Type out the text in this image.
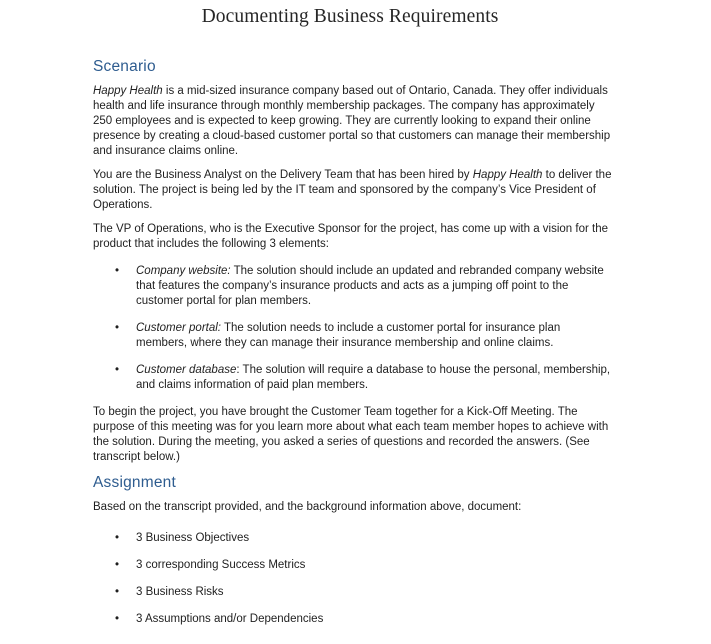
Documenting Business Requirements
Scenario

Happy Health is a mid-sized insurance company based out of Ontario, Canada. They offer individuals health and life insurance through monthly membership packages. The company has approximately 250 employees and is expected to keep growing. They are currently looking to expand their online presence by creating a cloud-based customer portal so that customers can manage their membership and insurance claims online.

You are the Business Analyst on the Delivery Team that has been hired by Happy Health to deliver the solution. The project is being led by the IT team and sponsored by the company’s Vice President of Operations.

The VP of Operations, who is the Executive Sponsor for the project, has come up with a vision for the product that includes the following 3 elements:

• Company website: The solution should include an updated and rebranded company website that features the company’s insurance products and acts as a jumping off point to the customer portal for plan members.
• Customer portal: The solution needs to include a customer portal for insurance plan members, where they can manage their insurance membership and online claims.
• Customer database: The solution will require a database to house the personal, membership, and claims information of paid plan members.

To begin the project, you have brought the Customer Team together for a Kick-Off Meeting. The purpose of this meeting was for you learn more about what each team member hopes to achieve with the solution. During the meeting, you asked a series of questions and recorded the answers. (See transcript below.)

Assignment

Based on the transcript provided, and the background information above, document:

• 3 Business Objectives
• 3 corresponding Success Metrics
• 3 Business Risks
• 3 Assumptions and/or Dependencies
